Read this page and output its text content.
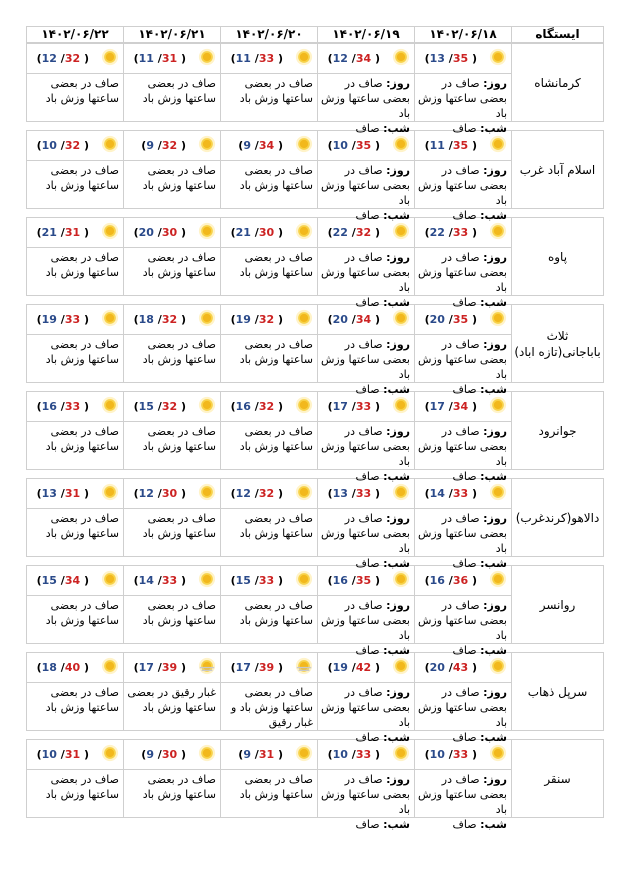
ایستگاه
۱۴۰۲/۰۶/۱۸
۱۴۰۲/۰۶/۱۹
۱۴۰۲/۰۶/۲۰
۱۴۰۲/۰۶/۲۱
۱۴۰۲/۰۶/۲۲
کرمانشاه
(13 /35 )
روز: صاف در بعضی ساعتها وزش باد
شب: صاف
(12 /34 )
روز: صاف در بعضی ساعتها وزش باد
شب: صاف
(11 /33 )
صاف در بعضی ساعتها وزش باد
(11 /31 )
صاف در بعضی ساعتها وزش باد
(12 /32 )
صاف در بعضی ساعتها وزش باد
اسلام آباد غرب
(11 /35 )
روز: صاف در بعضی ساعتها وزش باد
شب: صاف
(10 /35 )
روز: صاف در بعضی ساعتها وزش باد
شب: صاف
(9 /34 )
صاف در بعضی ساعتها وزش باد
(9 /32 )
صاف در بعضی ساعتها وزش باد
(10 /32 )
صاف در بعضی ساعتها وزش باد
پاوه
(22 /33 )
روز: صاف در بعضی ساعتها وزش باد
شب: صاف
(22 /32 )
روز: صاف در بعضی ساعتها وزش باد
شب: صاف
(21 /30 )
صاف در بعضی ساعتها وزش باد
(20 /30 )
صاف در بعضی ساعتها وزش باد
(21 /31 )
صاف در بعضی ساعتها وزش باد
ثلاث باباجانی(تازه اباد)
(20 /35 )
روز: صاف در بعضی ساعتها وزش باد
شب: صاف
(20 /34 )
روز: صاف در بعضی ساعتها وزش باد
شب: صاف
(19 /32 )
صاف در بعضی ساعتها وزش باد
(18 /32 )
صاف در بعضی ساعتها وزش باد
(19 /33 )
صاف در بعضی ساعتها وزش باد
جوانرود
(17 /34 )
روز: صاف در بعضی ساعتها وزش باد
شب: صاف
(17 /33 )
روز: صاف در بعضی ساعتها وزش باد
شب: صاف
(16 /32 )
صاف در بعضی ساعتها وزش باد
(15 /32 )
صاف در بعضی ساعتها وزش باد
(16 /33 )
صاف در بعضی ساعتها وزش باد
دالاهو(کرندغرب)
(14 /33 )
روز: صاف در بعضی ساعتها وزش باد
شب: صاف
(13 /33 )
روز: صاف در بعضی ساعتها وزش باد
شب: صاف
(12 /32 )
صاف در بعضی ساعتها وزش باد
(12 /30 )
صاف در بعضی ساعتها وزش باد
(13 /31 )
صاف در بعضی ساعتها وزش باد
روانسر
(16 /36 )
روز: صاف در بعضی ساعتها وزش باد
شب: صاف
(16 /35 )
روز: صاف در بعضی ساعتها وزش باد
شب: صاف
(15 /33 )
صاف در بعضی ساعتها وزش باد
(14 /33 )
صاف در بعضی ساعتها وزش باد
(15 /34 )
صاف در بعضی ساعتها وزش باد
سرپل ذهاب
(20 /43 )
روز: صاف در بعضی ساعتها وزش باد
شب: صاف
(19 /42 )
روز: صاف در بعضی ساعتها وزش باد
شب: صاف
(17 /39 )
صاف در بعضی ساعتها وزش باد و غبار رقیق
(17 /39 )
غبار رقیق در بعضی ساعتها وزش باد
(18 /40 )
صاف در بعضی ساعتها وزش باد
سنقر
(10 /33 )
روز: صاف در بعضی ساعتها وزش باد
شب: صاف
(10 /33 )
روز: صاف در بعضی ساعتها وزش باد
شب: صاف
(9 /31 )
صاف در بعضی ساعتها وزش باد
(9 /30 )
صاف در بعضی ساعتها وزش باد
(10 /31 )
صاف در بعضی ساعتها وزش باد
